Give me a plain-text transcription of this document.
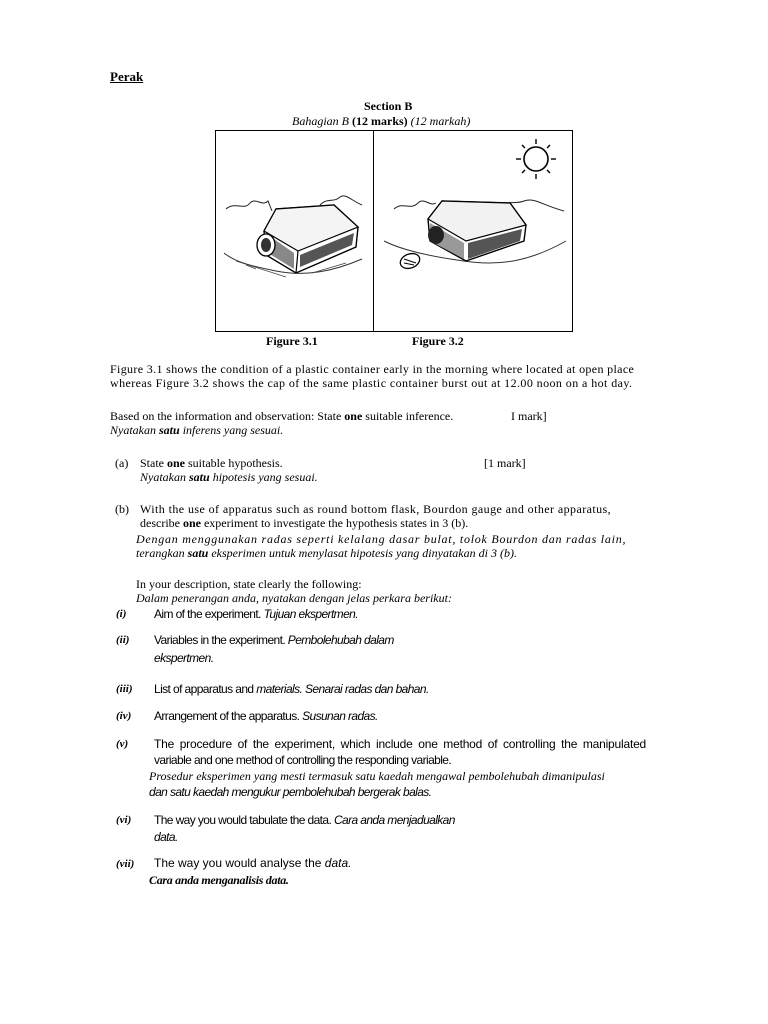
Perak
Section B
Bahagian B (12 marks) (12 markah)
Figure 3.1	Figure 3.2
Figure 3.1 shows the condition of a plastic container early in the morning where located at open place
whereas Figure 3.2 shows the cap of the same plastic container burst out at 12.00 noon on a hot day.
Based on the information and observation: State one suitable inference.	I mark]
Nyatakan satu inferens yang sesuai.
(a) State one suitable hypothesis.	[1 mark]
Nyatakan satu hipotesis yang sesuai.
(b) With the use of apparatus such as round bottom flask, Bourdon gauge and other apparatus,
describe one experiment to investigate the hypothesis states in 3 (b).
Dengan menggunakan radas seperti kelalang dasar bulat, tolok Bourdon dan radas lain,
terangkan satu eksperimen untuk menylasat hipotesis yang dinyatakan di 3 (b).
In your description, state clearly the following:
Dalam penerangan anda, nyatakan dengan jelas perkara berikut:
(i) Aim of the experiment. Tujuan ekspertmen.
(ii) Variables in the experiment. Pembolehubah dalam
ekspertmen.
(iii) List of apparatus and materials. Senarai radas dan bahan.
(iv) Arrangement of the apparatus. Susunan radas.
(v) The procedure of the experiment, which include one method of controlling the manipulated
variable and one method of controlling the responding variable.
Prosedur eksperimen yang mesti termasuk satu kaedah mengawal pembolehubah dimanipulasi
dan satu kaedah mengukur pembolehubah bergerak balas.
(vi) The way you would tabulate the data. Cara anda menjadualkan
data.
(vii) The way you would analyse the data.
Cara anda menganalisis data.
